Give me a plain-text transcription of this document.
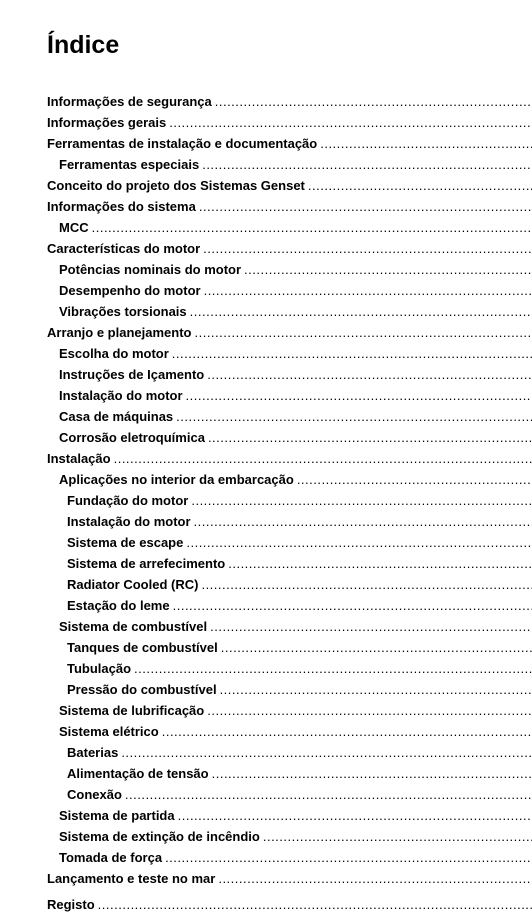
Índice
Informações de segurança
.....
Informações gerais
.....
Ferramentas de instalação e documentação
.....
Ferramentas especiais
.....
Conceito do projeto dos Sistemas Genset
.....
Informações do sistema
.....
MCC
.....
Características do motor
.....
Potências nominais do motor
.....
Desempenho do motor
.....
Vibrações torsionais
.....
Arranjo e planejamento
.....
Escolha do motor
.....
Instruções de Içamento
.....
Instalação do motor
.....
Casa de máquinas
.....
Corrosão eletroquímica
.....
Instalação
.....
Aplicações no interior da embarcação
.....
Fundação do motor
.....
Instalação do motor
.....
Sistema de escape
.....
Sistema de arrefecimento
.....
Radiator Cooled (RC)
.....
Estação do leme
.....
Sistema de combustível
.....
Tanques de combustível
.....
Tubulação
.....
Pressão do combustível
.....
Sistema de lubrificação
.....
Sistema elétrico
.....
Baterias
.....
Alimentação de tensão
.....
Conexão
.....
Sistema de partida
.....
Sistema de extinção de incêndio
.....
Tomada de força
.....
Lançamento e teste no mar
.....
Registo
.....
